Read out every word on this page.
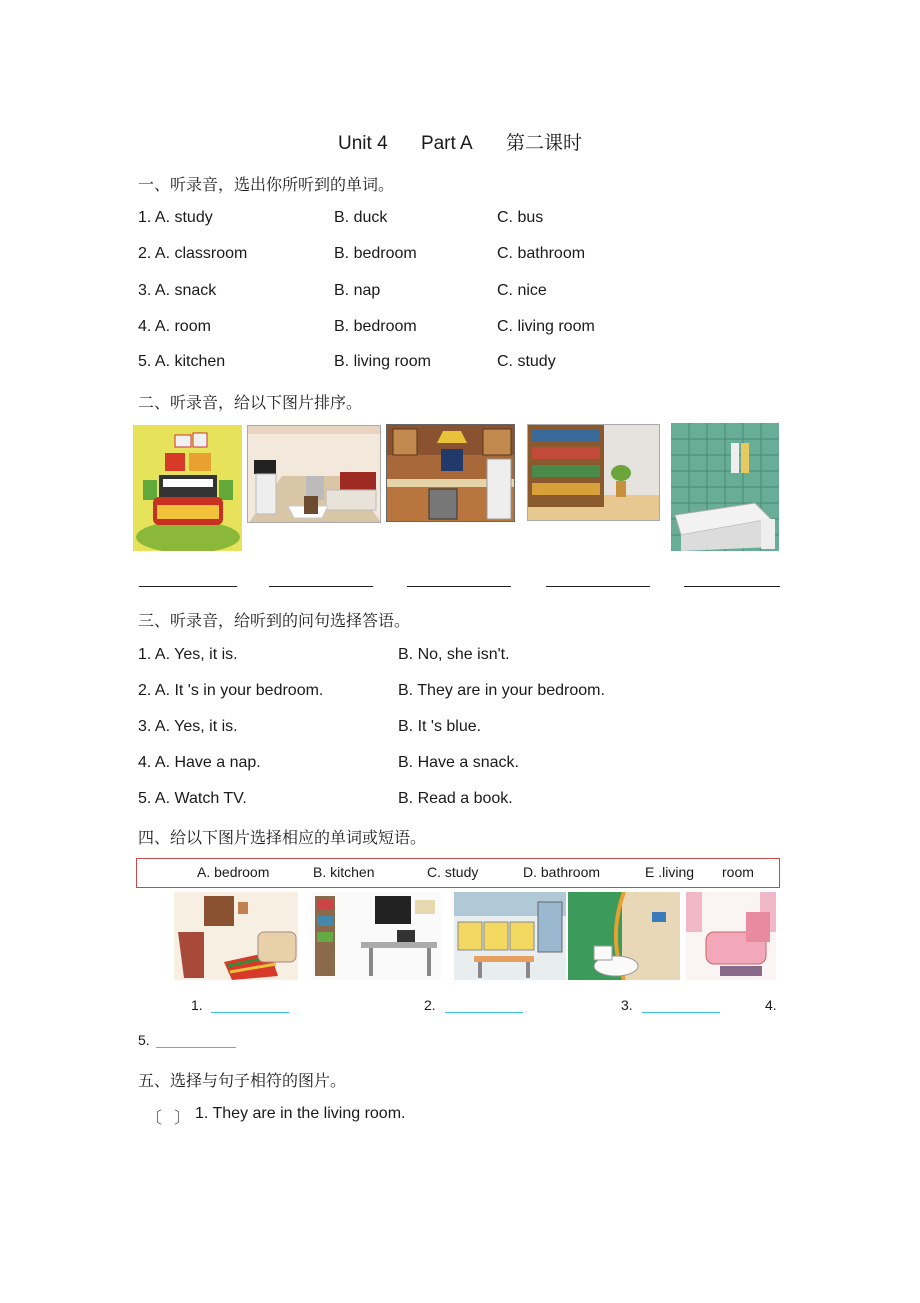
Unit 4 Part A 第二课时
一、听录音，选出你所听到的单词。
1. A. study	B. duck	C. bus
2. A. classroom	B. bedroom	C. bathroom
3. A. snack	B. nap	C. nice
4. A. room	B. bedroom	C. living room
5. A. kitchen	B. living room	C. study
二、听录音，给以下图片排序。
三、听录音，给听到的问句选择答语。
1. A. Yes, it is.	B. No, she isn't.
2. A. It 's in your bedroom.	B. They are in your bedroom.
3. A. Yes, it is.	B. It 's blue.
4. A. Have a nap.	B. Have a snack.
5. A. Watch TV.	B. Read a book.
四、给以下图片选择相应的单词或短语。
A. bedroom	B. kitchen	C. study	D. bathroom	E .living room
1.	2.	3.	4.
5.
五、选择与句子相符的图片。
〔 〕 1. They are in the living room.
